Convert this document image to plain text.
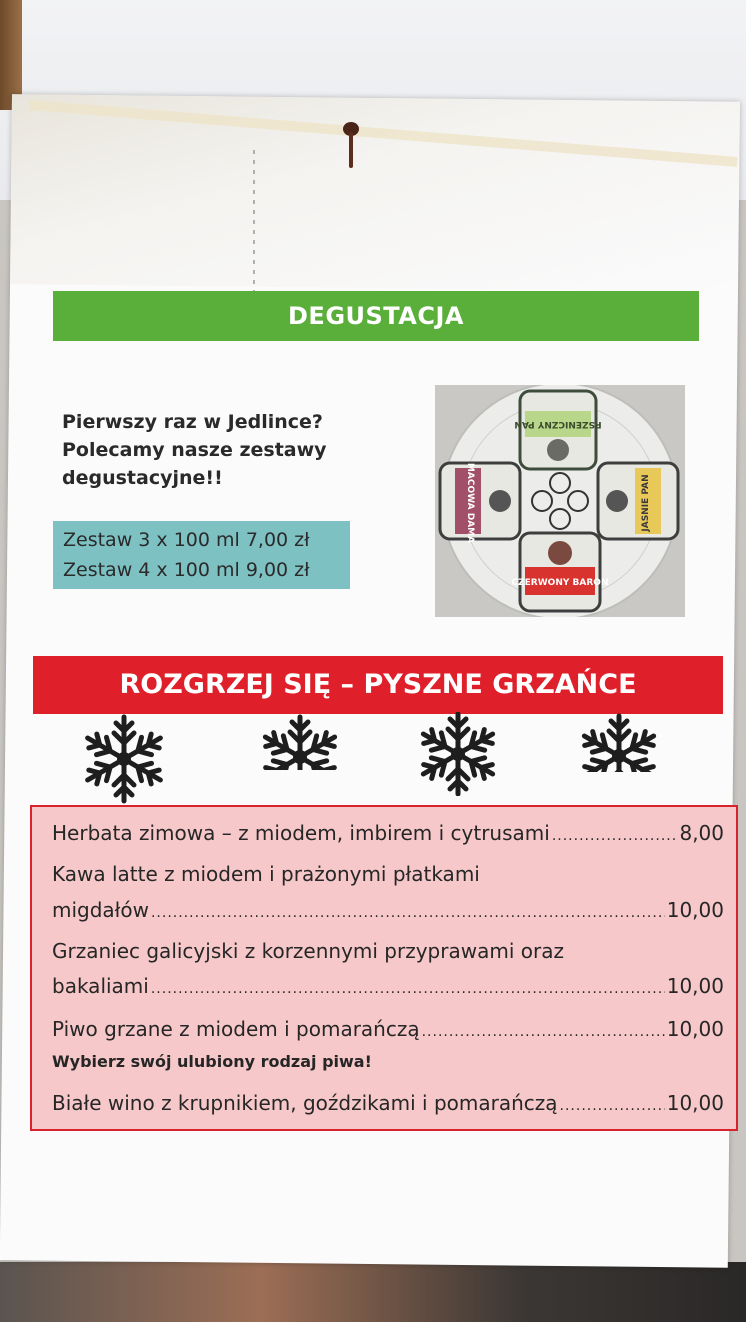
DEGUSTACJA
Pierwszy raz w Jedlince?
Polecamy nasze zestawy
degustacyjne!!
Zestaw 3 x 100 ml 7,00 zł
Zestaw 4 x 100 ml 9,00 zł
PSZENICZNY PAN
MACOWA DAMA	JASNIE PAN
CZERWONY BARON
ROZGRZEJ SIĘ – PYSZNE GRZAŃCE
Herbata zimowa – z miodem, imbirem i cytrusami .....	8,00
Kawa latte z miodem i prażonymi płatkami
migdałów .....	10,00
Grzaniec galicyjski z korzennymi przyprawami oraz
bakaliami .....	10,00
Piwo grzane z miodem i pomarańczą .....	10,00
Wybierz swój ulubiony rodzaj piwa!
Białe wino z krupnikiem, goździkami i pomarańczą .....	10,00
